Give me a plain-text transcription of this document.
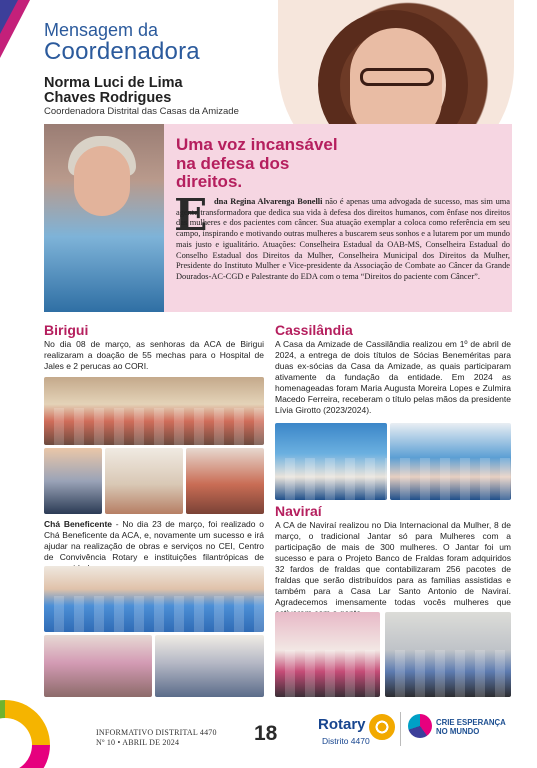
Mensagem da
Coordenadora
Norma Luci de Lima
Chaves Rodrigues
Coordenadora Distrital das Casas da Amizade
Uma voz incansável na defesa dos direitos.
E dna Regina Alvarenga Bonelli não é apenas uma advogada de sucesso, mas sim uma agente transformadora que dedica sua vida à defesa dos direitos humanos, com ênfase nos direitos das mulheres e dos pacientes com câncer. Sua atuação exemplar a coloca como referência em seu campo, inspirando e motivando outras mulheres a buscarem seus sonhos e a lutarem por um mundo mais justo e igualitário. Atuações: Conselheira Estadual da OAB-MS, Conselheira Estadual do Conselho Estadual dos Direitos da Mulher, Conselheira Municipal dos Direitos da Mulher, Presidente do Instituto Mulher e Vice-presidente da Associação de Combate ao Câncer da Grande Dourados-AC-CGD e Palestrante do EDA com o tema “Direitos do paciente com Câncer”.
Birigui
No dia 08 de março, as senhoras da ACA de Birigui realizaram a doação de 55 mechas para o Hospital de Jales e 2 perucas ao CORI.
Chá Beneficente - No dia 23 de março, foi realizado o Chá Beneficente da ACA, e, novamente um sucesso e irá ajudar na realização de obras e serviços no CEI, Centro de Convivência Rotary e instituições filantrópicas de
Cassilândia
A Casa da Amizade de Cassilândia realizou em 1º de abril de 2024, a entrega de dois títulos de Sócias Beneméritas para duas ex-sócias da Casa da Amizade, as quais participaram ativamente da fundação da entidade. Em 2024 as homenageadas foram Maria Augusta Moreira Lopes e Zulmira Macedo Ferreira, receberam o título pelas mãos da presidente Lívia Girotto (2023/2024).
Naviraí
A CA de Naviraí realizou no Dia Internacional da Mulher, 8 de março, o tradicional Jantar só para Mulheres com a participação de mais de 300 mulheres. O Jantar foi um sucesso e para o Projeto Banco de Fraldas foram adquiridos 32 fardos de fraldas que contabilizaram 256 pacotes de fraldas que serão distribuídos para as famílias assistidas e também para a Casa Lar Santo Antonio de Naviraí. Agradecemos imensamente todas vocês mulheres que
INFORMATIVO DISTRITAL 4470
Nº 10 • ABRIL DE 2024	18	Rotary
Distrito 4470
CRIE ESPERANÇA
NO MUNDO
